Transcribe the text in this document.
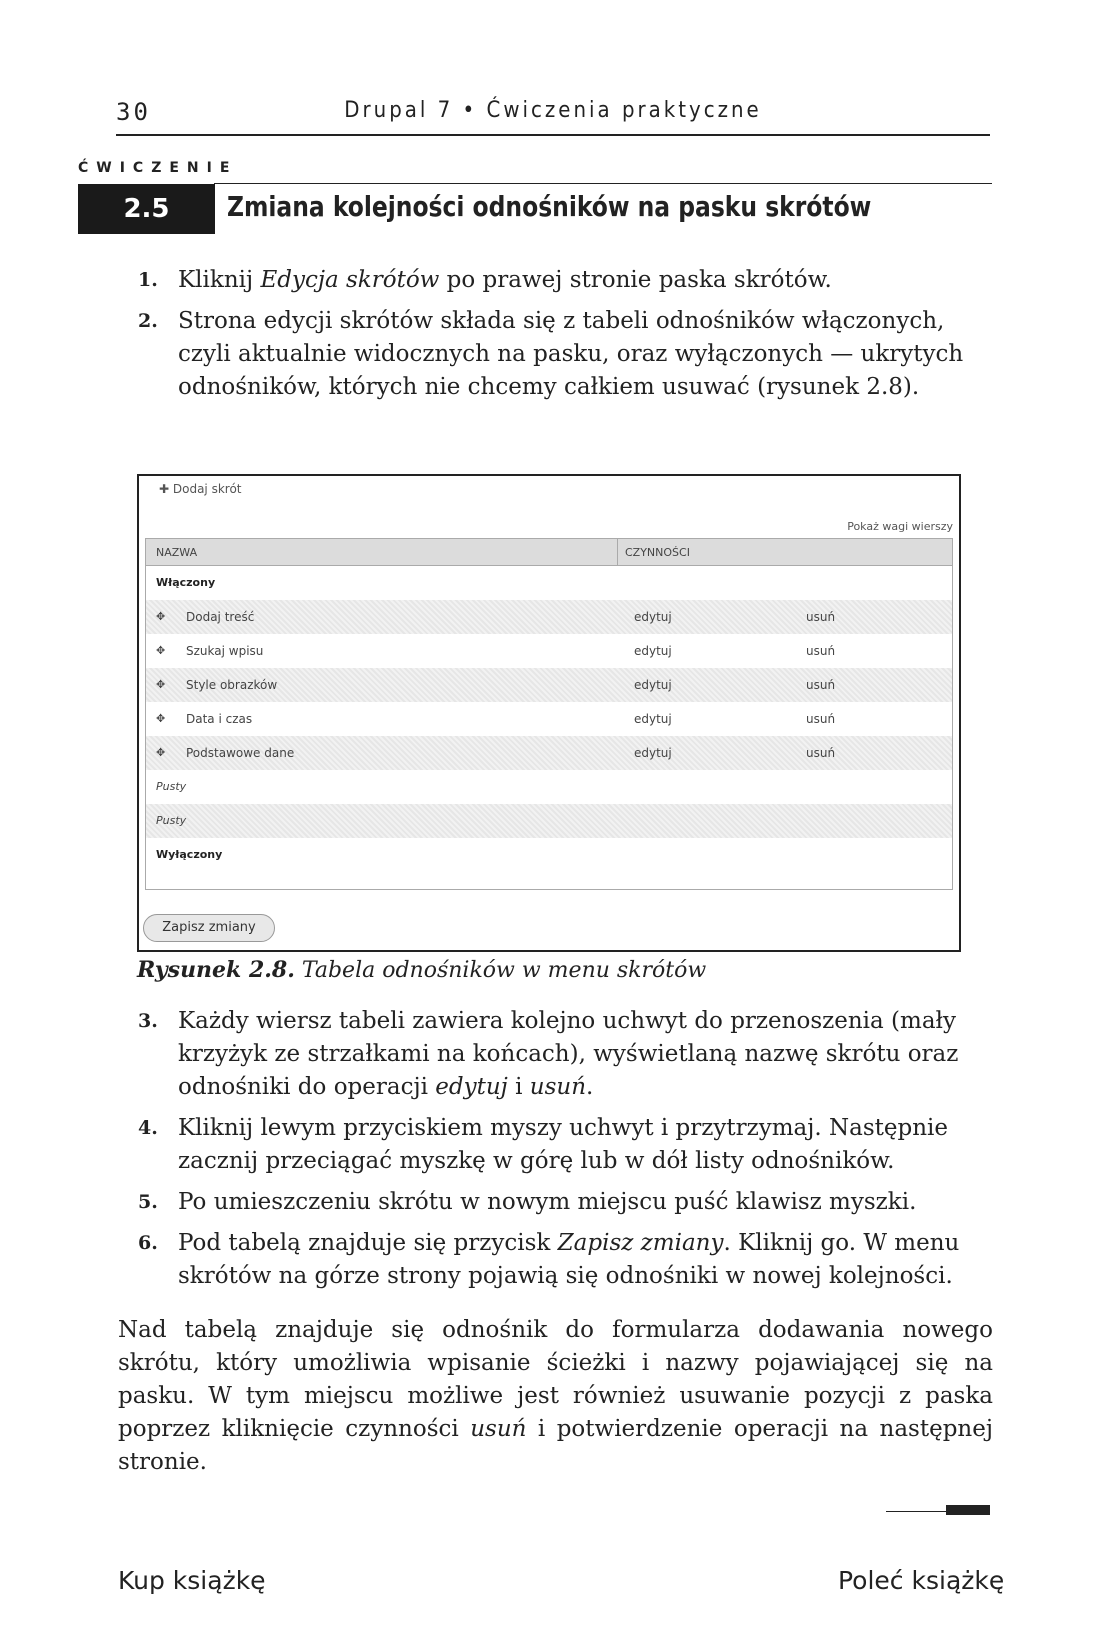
30	Drupal 7 • Ćwiczenia praktyczne
ĆWICZENIE
2.5	Zmiana kolejności odnośników na pasku skrótów
1. Kliknij Edycja skrótów po prawej stronie paska skrótów.
2. Strona edycji skrótów składa się z tabeli odnośników włączonych, czyli aktualnie widocznych na pasku, oraz wyłączonych — ukrytych odnośników, których nie chcemy całkiem usuwać (rysunek 2.8).
✚ Dodaj skrót
Pokaż wagi wierszy
NAZWA	CZYNNOŚCI
Włączony
✥ Dodaj treść	edytuj	usuń
✥ Szukaj wpisu	edytuj	usuń
✥ Style obrazków	edytuj	usuń
✥ Data i czas	edytuj	usuń
✥ Podstawowe dane	edytuj	usuń
Pusty
Pusty
Wyłączony
Zapisz zmiany
Rysunek 2.8. Tabela odnośników w menu skrótów
3. Każdy wiersz tabeli zawiera kolejno uchwyt do przenoszenia (mały krzyżyk ze strzałkami na końcach), wyświetlaną nazwę skrótu oraz odnośniki do operacji edytuj i usuń.
4. Kliknij lewym przyciskiem myszy uchwyt i przytrzymaj. Następnie zacznij przeciągać myszkę w górę lub w dół listy odnośników.
5. Po umieszczeniu skrótu w nowym miejscu puść klawisz myszki.
6. Pod tabelą znajduje się przycisk Zapisz zmiany. Kliknij go. W menu skrótów na górze strony pojawią się odnośniki w nowej kolejności.
Nad tabelą znajduje się odnośnik do formularza dodawania nowego skrótu, który umożliwia wpisanie ścieżki i nazwy pojawiającej się na pasku. W tym miejscu możliwe jest również usuwanie pozycji z paska poprzez kliknięcie czynności usuń i potwierdzenie operacji na następnej stronie.
Kup książkę	Poleć książkę
